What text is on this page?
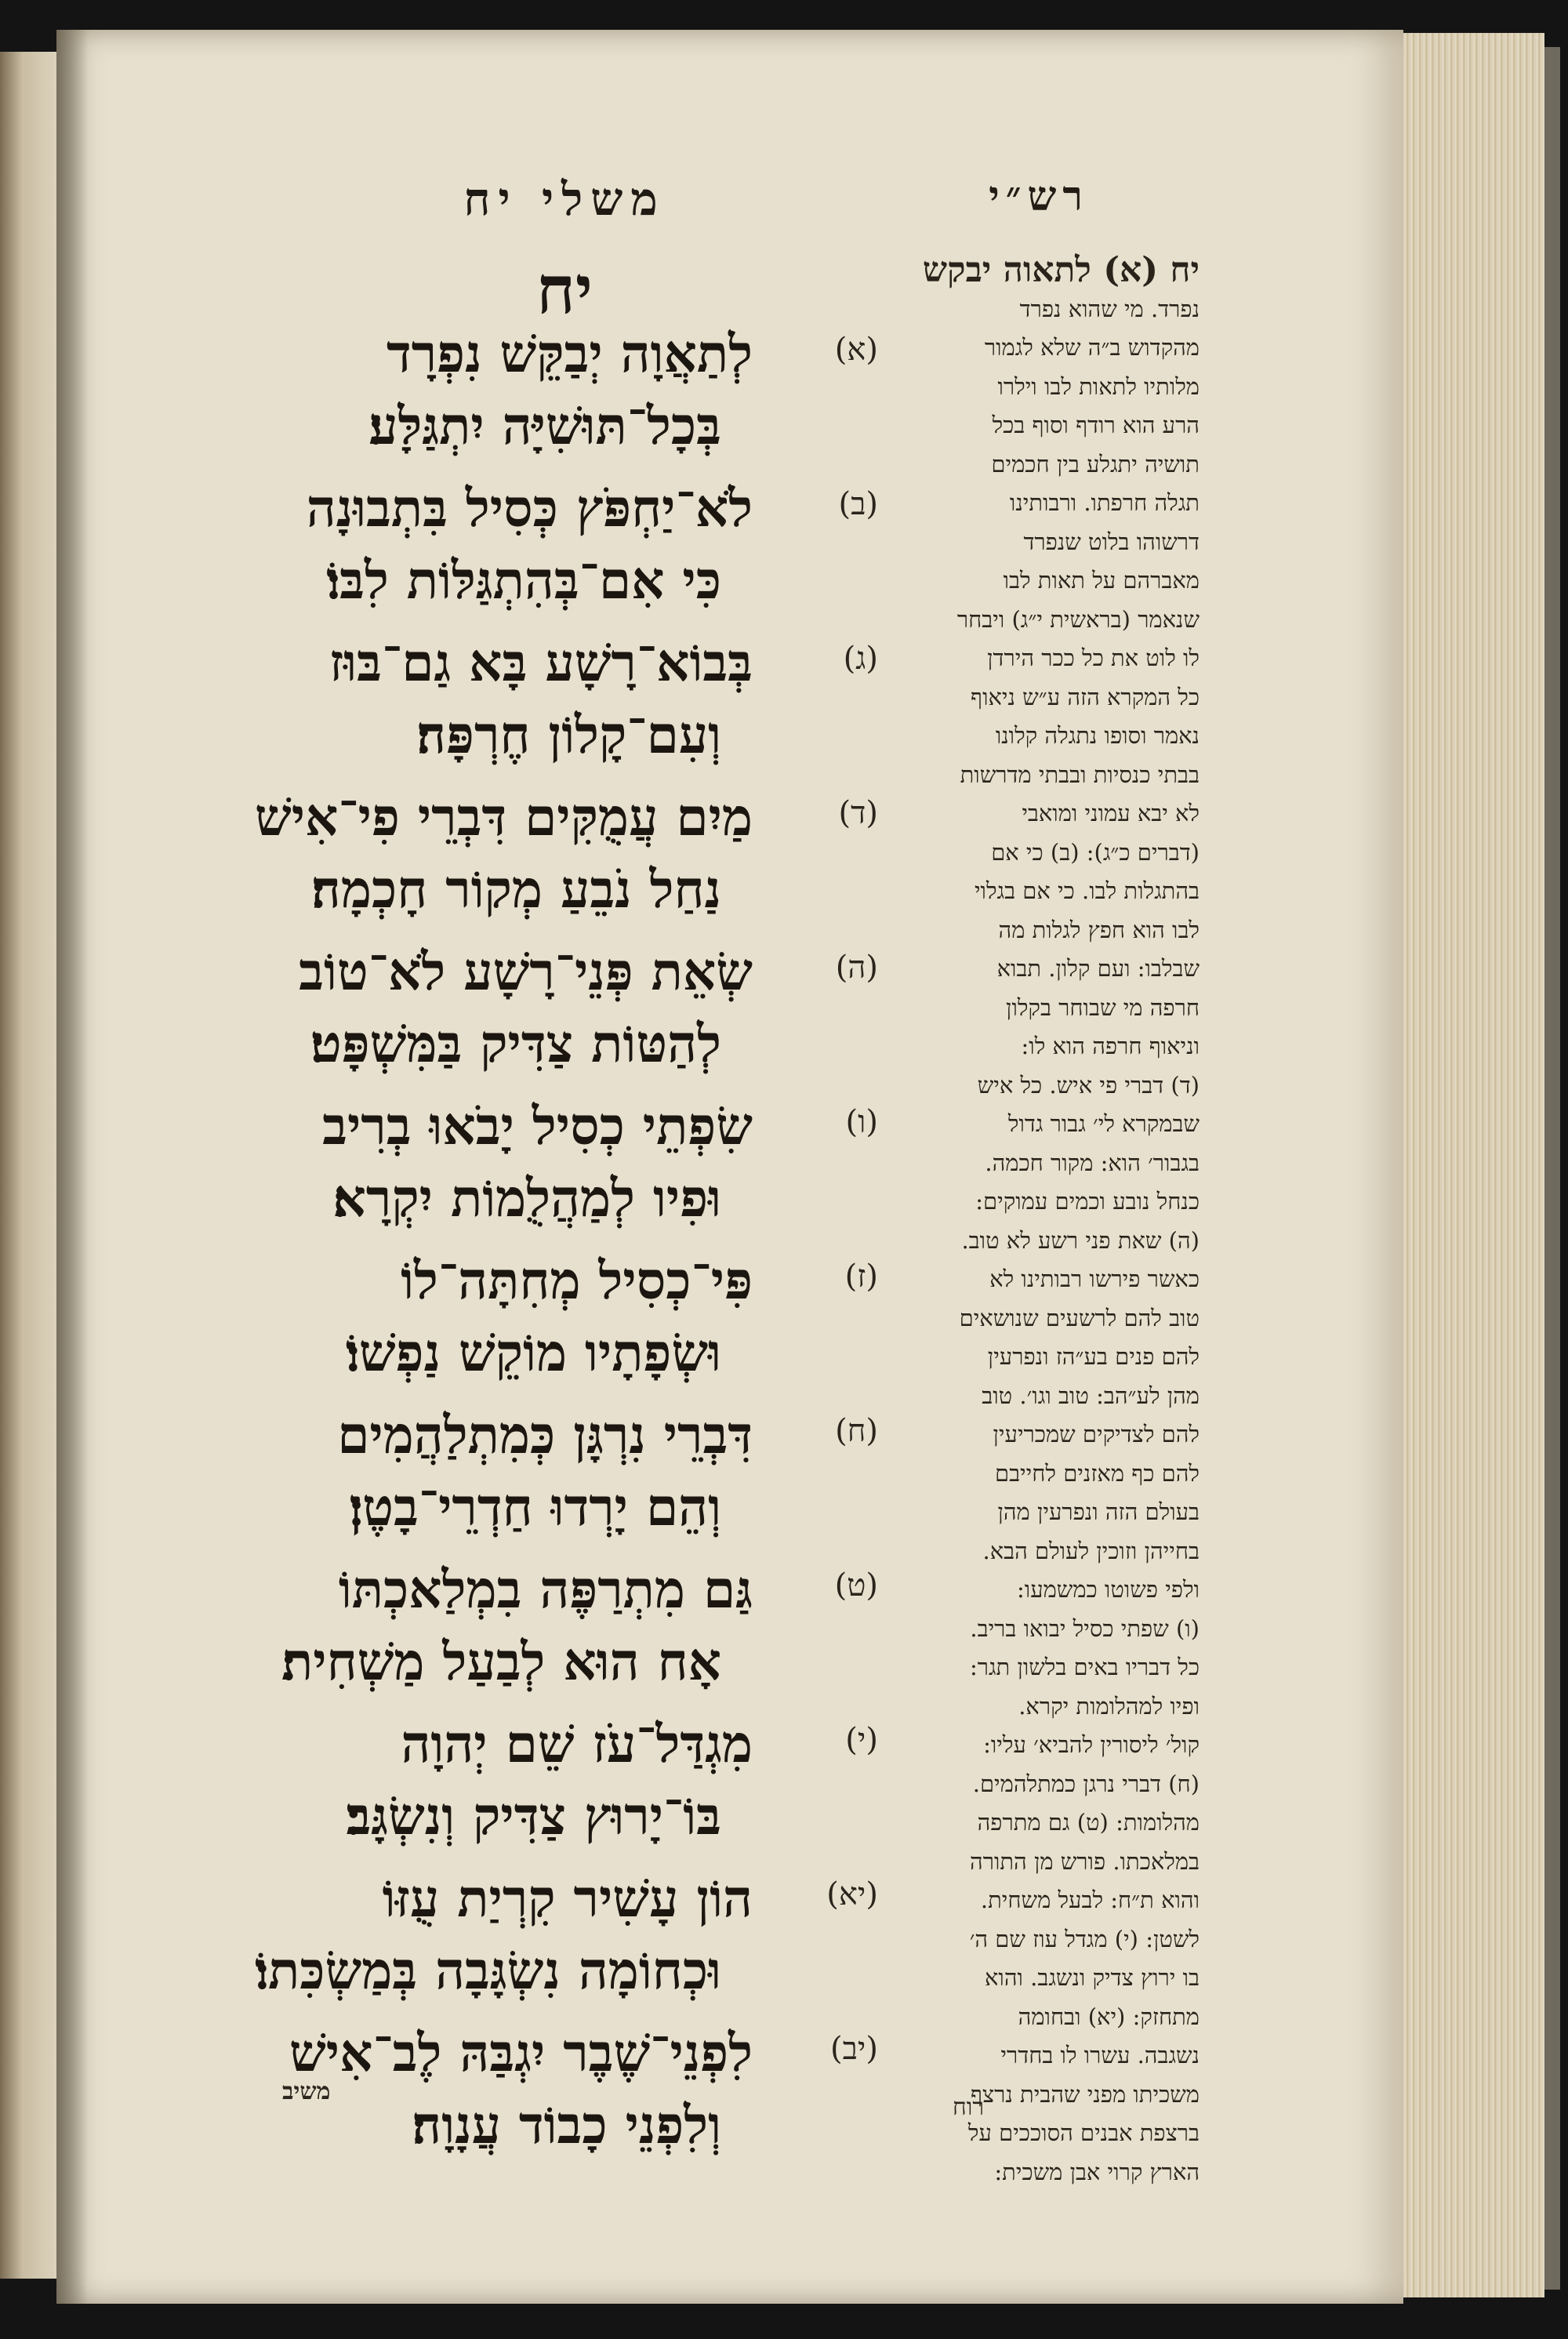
משלי יח
יח
(א)
לְתַאֲוָה יְבַקֵּשׁ נִפְרָד
בְּכָל־תּוּשִׁיָּה יִתְגַּלָּע׃
(ב)
לֹא־יַחְפֹּץ כְּסִיל בִּתְבוּנָה
כִּי אִם־בְּהִתְגַּלּוֹת לִבּוֹ׃
(ג)
בְּבוֹא־רָשָׁע בָּא גַם־בּוּז
וְעִם־קָלוֹן חֶרְפָּה׃
(ד)
מַיִם עֲמֻקִּים דִּבְרֵי פִי־אִישׁ
נַחַל נֹבֵעַ מְקוֹר חָכְמָה׃
(ה)
שְׂאֵת פְּנֵי־רָשָׁע לֹא־טוֹב
לְהַטּוֹת צַדִּיק בַּמִּשְׁפָּט׃
(ו)
שִׂפְתֵי כְסִיל יָבֹאוּ בְרִיב
וּפִיו לְמַהֲלֻמוֹת יִקְרָא׃
(ז)
פִּי־כְסִיל מְחִתָּה־לוֹ
וּשְׂפָתָיו מוֹקֵשׁ נַפְשׁוֹ׃
(ח)
דִּבְרֵי נִרְגָּן כְּמִתְלַהֲמִים
וְהֵם יָרְדוּ חַדְרֵי־בָטֶן׃
(ט)
גַּם מִתְרַפֶּה בִמְלַאכְתּוֹ
אָח הוּא לְבַעַל מַשְׁחִית׃
(י)
מִגְדַּל־עֹז שֵׁם יְהוָה
בּוֹ־יָרוּץ צַדִּיק וְנִשְׂגָּב׃
(יא)
הוֹן עָשִׁיר קִרְיַת עֻזּוֹ
וּכְחוֹמָה נִשְׂגָּבָה בְּמַשְׂכִּתוֹ׃
(יב)
לִפְנֵי־שֶׁבֶר יִגְבַּהּ לֶב־אִישׁ
וְלִפְנֵי כָבוֹד עֲנָוָה׃
משיב
רש״י
יח (א) לתאוה יבקש
נפרד. מי שהוא נפרד
מהקדוש ב״ה שלא לגמור
מלותיו לתאות לבו וילרו
הרע הוא רודף וסוף בכל
תושיה יתגלע בין חכמים
תגלה חרפתו. ורבותינו
דרשוהו בלוט שנפרד
מאברהם על תאות לבו
שנאמר (בראשית י״ג) ויבחר
לו לוט את כל ככר הירדן
כל המקרא הזה ע״ש ניאוף
נאמר וסופו נתגלה קלונו
בבתי כנסיות ובבתי מדרשות
לא יבא עמוני ומואבי
(דברים כ״ג): (ב) כי אם
בהתגלות לבו. כי אם בגלוי
לבו הוא חפץ לגלות מה
שבלבו: ועם קלון. תבוא
חרפה מי שבוחר בקלון
וניאוף חרפה הוא לו:
(ד) דברי פי איש. כל איש
שבמקרא לי׳ גבור גדול
בגבור׳ הוא: מקור חכמה.
כנחל נובע וכמים עמוקים:
(ה) שאת פני רשע לא טוב.
כאשר פירשו רבותינו לא
טוב להם לרשעים שנושאים
להם פנים בע״הז ונפרעין
מהן לע״הב: טוב וגו׳. טוב
להם לצדיקים שמכריעין
להם כף מאזנים לחייבם
בעולם הזה ונפרעין מהן
בחייהן וזוכין לעולם הבא.
ולפי פשוטו כמשמעו:
(ו) שפתי כסיל יבואו בריב.
כל דבריו באים בלשון תגר:
ופיו למהלומות יקרא.
קול׳ ליסורין להביא׳ עליו:
(ח) דברי נרגן כמתלהמים.
מהלומות: (ט) גם מתרפה
במלאכתו. פורש מן התורה
והוא ת״ח: לבעל משחית.
לשטן: (י) מגדל עוז שם ה׳
בו ירוץ צדיק ונשגב. והוא
מתחזק: (יא) ובחומה
נשגבה. עשרו לו בחדרי
משכיתו מפני שהבית נרצף
ברצפת אבנים הסוככים על
הארץ קרוי אבן משכית:
רוח
